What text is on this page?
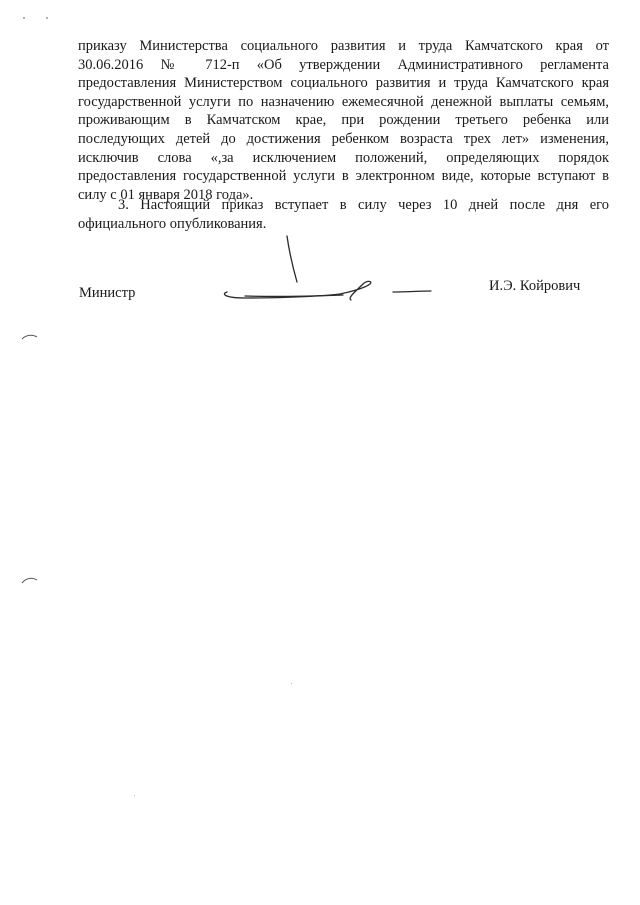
приказу Министерства социального развития и труда Камчатского края от
30.06.2016 № 712-п «Об утверждении Административного регламента
предоставления Министерством социального развития и труда Камчатского края
государственной услуги по назначению ежемесячной денежной выплаты семьям,
проживающим в Камчатском крае, при рождении третьего ребенка или
последующих детей до достижения ребенком возраста трех лет» изменения,
исключив слова «,за исключением положений, определяющих порядок
предоставления государственной услуги в электронном виде, которые вступают в
силу с 01 января 2018 года».
3. Настоящий приказ вступает в силу через 10 дней после дня его
официального опубликования.
Министр	И.Э. Койрович
